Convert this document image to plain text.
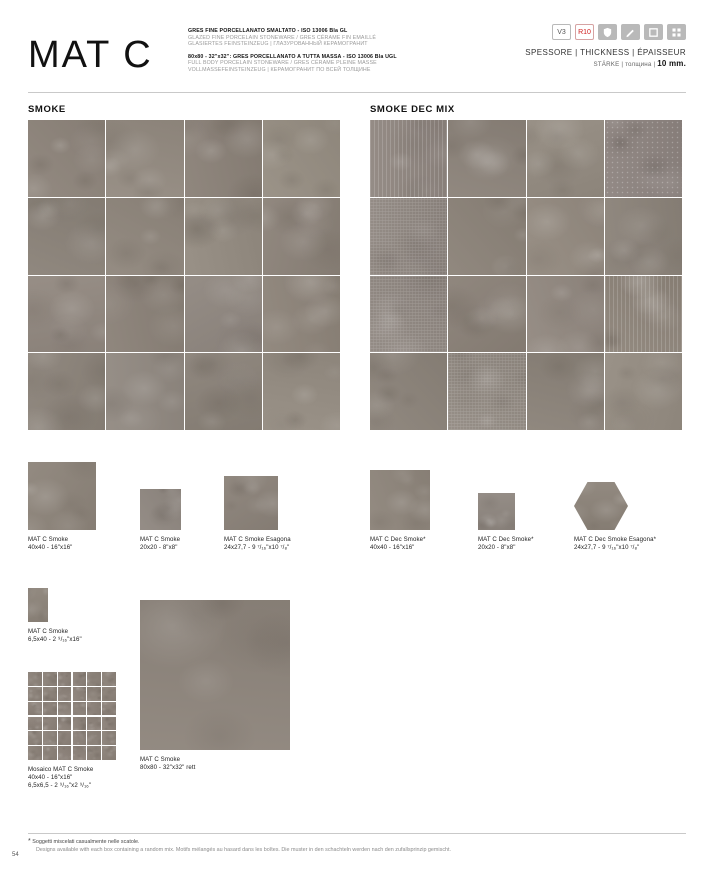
MAT C
GRES FINE PORCELLANATO SMALTATO - ISO 13006 Bla GL
GLAZED FINE PORCELAIN STONEWARE / GRES CÉRAME FIN EMAILLÉ
GLASIERTES FEINSTEINZEUG | ГЛАЗУРОВАННЫЙ КЕРАМОГРАНИТ
80x80 - 32"x32": GRES PORCELLANATO A TUTTA MASSA - ISO 13006 Bla UGL
FULL BODY PORCELAIN STONEWARE / GRES CÉRAME PLEINE MASSE
VOLLMASSEFEINSTEINZEUG | КЕРАМОГРАНИТ ПО ВСЕЙ ТОЛЩИНЕ
V3	R10
SPESSORE | THICKNESS | ÉPAISSEUR
STÄRKE | толщина | 10 mm.
SMOKE	SMOKE DEC MIX
MAT C Smoke
40x40 - 16"x16"
MAT C Smoke
20x20 - 8"x8"
MAT C Smoke Esagona
24x27,7 - 9 ⁷/₁₆"x10 ⁷/₈"
MAT C Dec Smoke*
40x40 - 16"x16"
MAT C Dec Smoke*
20x20 - 8"x8"
MAT C Dec Smoke Esagona*
24x27,7 - 9 ⁷/₁₆"x10 ⁷/₈"
MAT C Smoke
6,5x40 - 2 ⁹/₁₆"x16"
Mosaico MAT C Smoke
40x40 - 16"x16"
6,5x6,5 - 2 ⁹/₁₆"x2 ⁹/₁₆"
MAT C Smoke
80x80 - 32"x32" rett
* Soggetti miscelati casualmente nelle scatole.
Designs available with each box containing a random mix. Motifs mélangés au hasard dans les boîtes. Die muster in den schachteln werden nach den zufallsprinzip gemischt.
54
